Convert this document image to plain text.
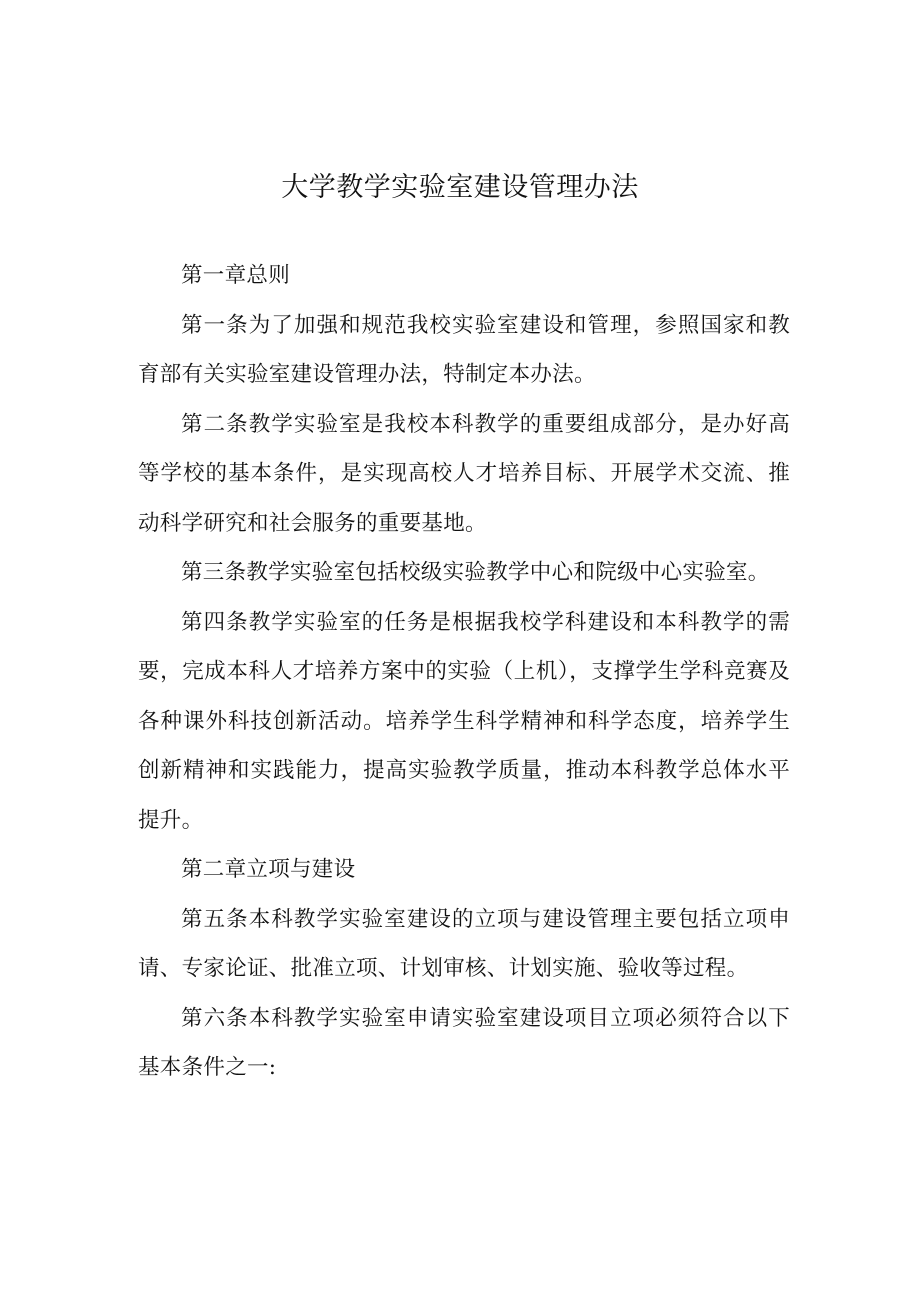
大学教学实验室建设管理办法

第一章总则

第一条为了加强和规范我校实验室建设和管理，参照国家和教育部有关实验室建设管理办法，特制定本办法。

第二条教学实验室是我校本科教学的重要组成部分，是办好高等学校的基本条件，是实现高校人才培养目标、开展学术交流、推动科学研究和社会服务的重要基地。

第三条教学实验室包括校级实验教学中心和院级中心实验室。

第四条教学实验室的任务是根据我校学科建设和本科教学的需要，完成本科人才培养方案中的实验（上机），支撑学生学科竞赛及各种课外科技创新活动。培养学生科学精神和科学态度，培养学生创新精神和实践能力，提高实验教学质量，推动本科教学总体水平提升。

第二章立项与建设

第五条本科教学实验室建设的立项与建设管理主要包括立项申请、专家论证、批准立项、计划审核、计划实施、验收等过程。

第六条本科教学实验室申请实验室建设项目立项必须符合以下基本条件之一:
